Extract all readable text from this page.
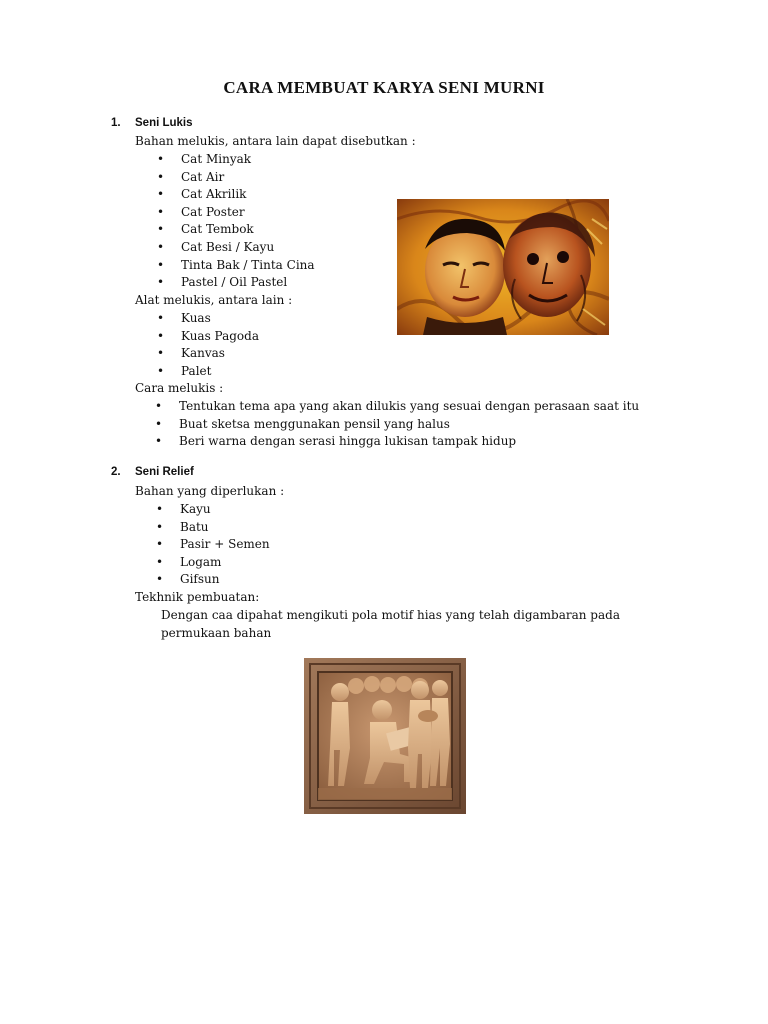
CARA MEMBUAT KARYA SENI MURNI
1. Seni Lukis
Bahan melukis, antara lain dapat disebutkan :
• Cat Minyak
• Cat Air
• Cat Akrilik
• Cat Poster
• Cat Tembok
• Cat Besi / Kayu
• Tinta Bak / Tinta Cina
• Pastel / Oil Pastel
Alat melukis, antara lain :
• Kuas
• Kuas Pagoda
• Kanvas
• Palet
Cara melukis :
• Tentukan tema apa yang akan dilukis yang sesuai dengan perasaan saat itu
• Buat sketsa menggunakan pensil yang halus
• Beri warna dengan serasi hingga lukisan tampak hidup
2. Seni Relief
Bahan yang diperlukan :
• Kayu
• Batu
• Pasir + Semen
• Logam
• Gifsun
Tekhnik pembuatan:
Dengan caa dipahat mengikuti pola motif hias yang telah digambaran pada permukaan bahan
